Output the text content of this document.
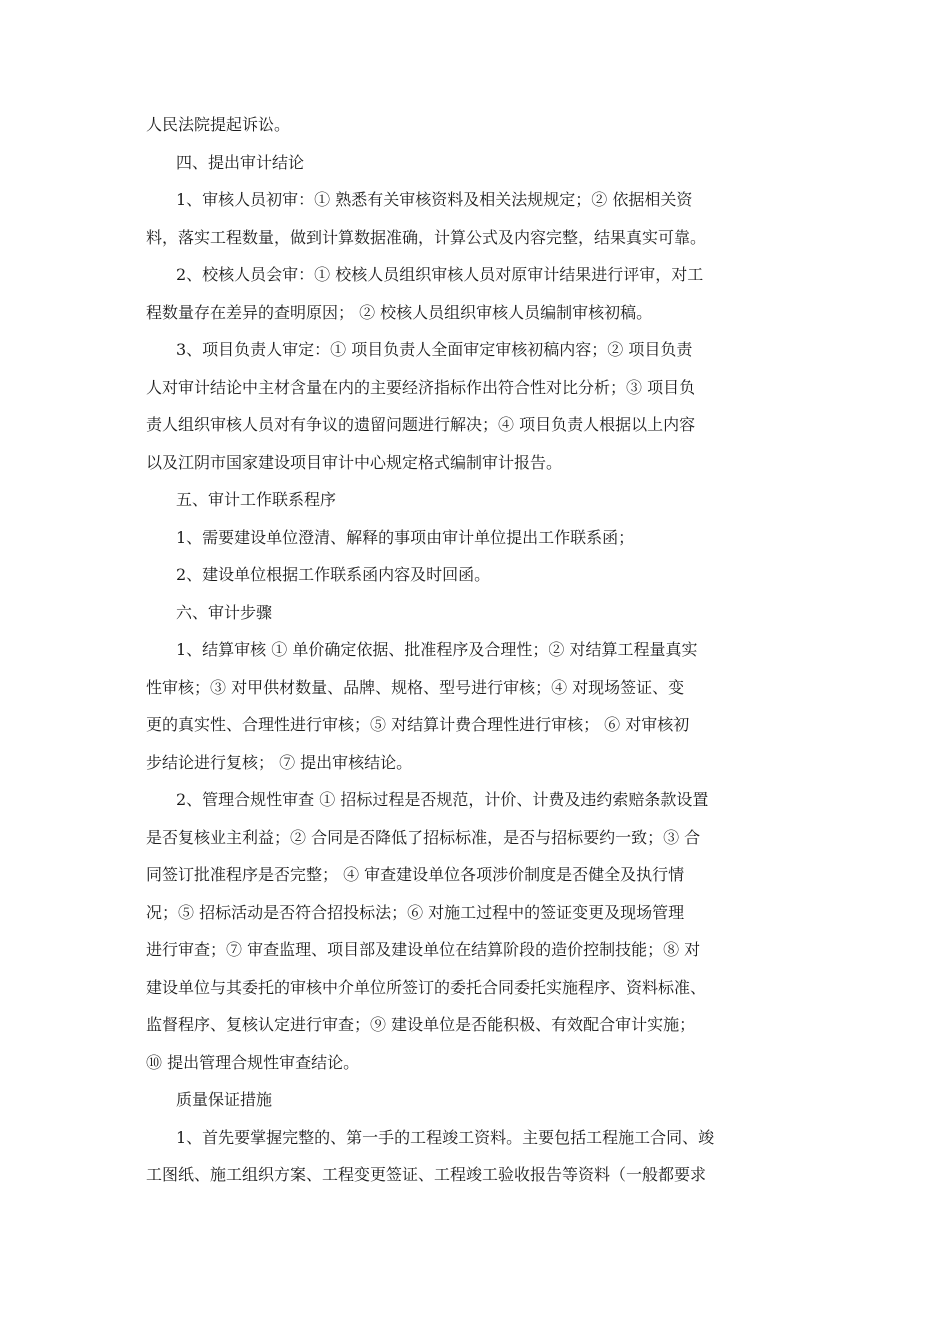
人民法院提起诉讼。
四、提出审计结论
1、审核人员初审：① 熟悉有关审核资料及相关法规规定；② 依据相关资
料，落实工程数量，做到计算数据准确，计算公式及内容完整，结果真实可靠。
2、校核人员会审：① 校核人员组织审核人员对原审计结果进行评审，对工
程数量存在差异的查明原因； ② 校核人员组织审核人员编制审核初稿。
3、项目负责人审定：① 项目负责人全面审定审核初稿内容；② 项目负责
人对审计结论中主材含量在内的主要经济指标作出符合性对比分析；③ 项目负
责人组织审核人员对有争议的遗留问题进行解决；④ 项目负责人根据以上内容
以及江阴市国家建设项目审计中心规定格式编制审计报告。
五、审计工作联系程序
1、需要建设单位澄清、解释的事项由审计单位提出工作联系函；
2、建设单位根据工作联系函内容及时回函。
六、审计步骤
1、结算审核 ① 单价确定依据、批准程序及合理性；② 对结算工程量真实
性审核；③ 对甲供材数量、品牌、规格、型号进行审核；④ 对现场签证、变
更的真实性、合理性进行审核；⑤ 对结算计费合理性进行审核； ⑥ 对审核初
步结论进行复核； ⑦ 提出审核结论。
2、管理合规性审查 ① 招标过程是否规范，计价、计费及违约索赔条款设置
是否复核业主利益；② 合同是否降低了招标标准，是否与招标要约一致；③ 合
同签订批准程序是否完整； ④ 审查建设单位各项涉价制度是否健全及执行情
况；⑤ 招标活动是否符合招投标法；⑥ 对施工过程中的签证变更及现场管理
进行审查；⑦ 审查监理、项目部及建设单位在结算阶段的造价控制技能；⑧ 对
建设单位与其委托的审核中介单位所签订的委托合同委托实施程序、资料标准、
监督程序、复核认定进行审查；⑨ 建设单位是否能积极、有效配合审计实施；
⑩ 提出管理合规性审查结论。
质量保证措施
1、首先要掌握完整的、第一手的工程竣工资料。主要包括工程施工合同、竣
工图纸、施工组织方案、工程变更签证、工程竣工验收报告等资料（一般都要求
